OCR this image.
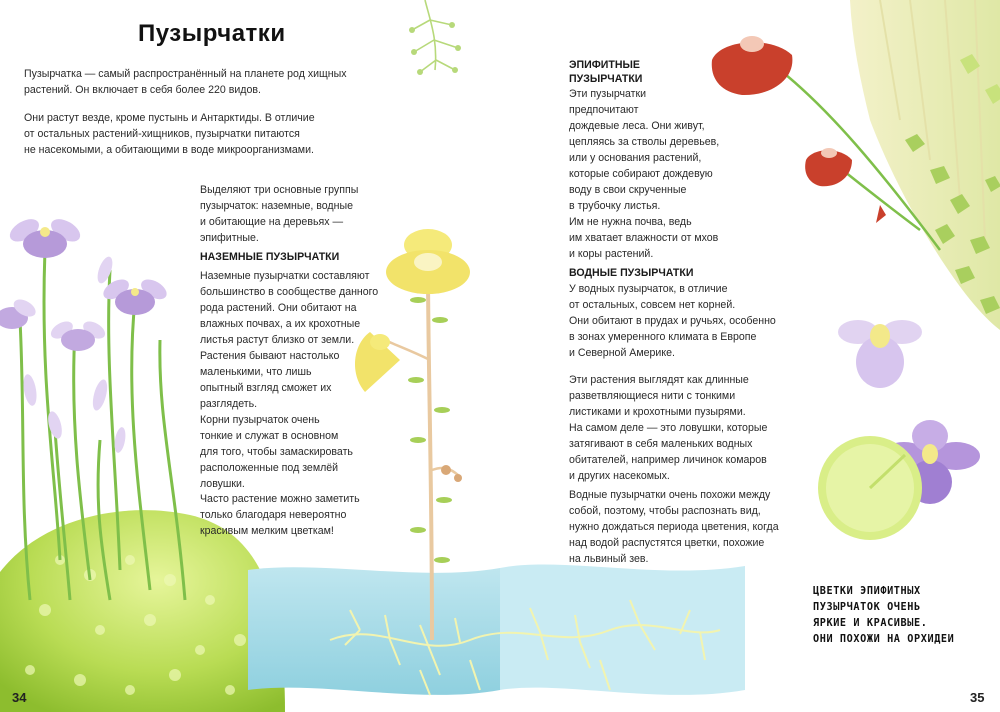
Пузырчатки

Пузырчатка — самый распространённый на планете род хищных

растений. Он включает в себя более 220 видов.

Они растут везде, кроме пустынь и Антарктиды. В отличие

от остальных растений-хищников, пузырчатки питаются

не насекомыми, а обитающими в воде микроорганизмами.

Выделяют три основные группы

пузырчаток: наземные, водные

и обитающие на деревьях —

эпифитные.

НАЗЕМНЫЕ ПУЗЫРЧАТКИ

Наземные пузырчатки составляют

большинство в сообществе данного

рода растений. Они обитают на

влажных почвах, а их крохотные

листья растут близко от земли.

Растения бывают настолько

маленькими, что лишь

опытный взгляд сможет их

разглядеть.

Корни пузырчаток очень

тонкие и служат в основном

для того, чтобы замаскировать

расположенные под землёй

ловушки.

Часто растение можно заметить

только благодаря невероятно

красивым мелким цветкам!

ЭПИФИТНЫЕ
ПУЗЫРЧАТКИ

Эти пузырчатки

предпочитают

дождевые леса. Они живут,

цепляясь за стволы деревьев,

или у основания растений,

которые собирают дождевую

воду в свои скрученные

в трубочку листья.

Им не нужна почва, ведь

им хватает влажности от мхов

и коры растений.

ВОДНЫЕ ПУЗЫРЧАТКИ

У водных пузырчаток, в отличие

от остальных, совсем нет корней.

Они обитают в прудах и ручьях, особенно

в зонах умеренного климата в Европе

и Северной Америке.

Эти растения выглядят как длинные

разветвляющиеся нити с тонкими

листиками и крохотными пузырями.

На самом деле — это ловушки, которые

затягивают в себя маленьких водных

обитателей, например личинок комаров

и других насекомых.

Водные пузырчатки очень похожи между

собой, поэтому, чтобы распознать вид,

нужно дождаться периода цветения, когда

над водой распустятся цветки, похожие

на львиный зев.

ЦВЕТКИ ЭПИФИТНЫХ
ПУЗЫРЧАТОК ОЧЕНЬ
ЯРКИЕ И КРАСИВЫЕ.
ОНИ ПОХОЖИ НА ОРХИДЕИ
34	35
